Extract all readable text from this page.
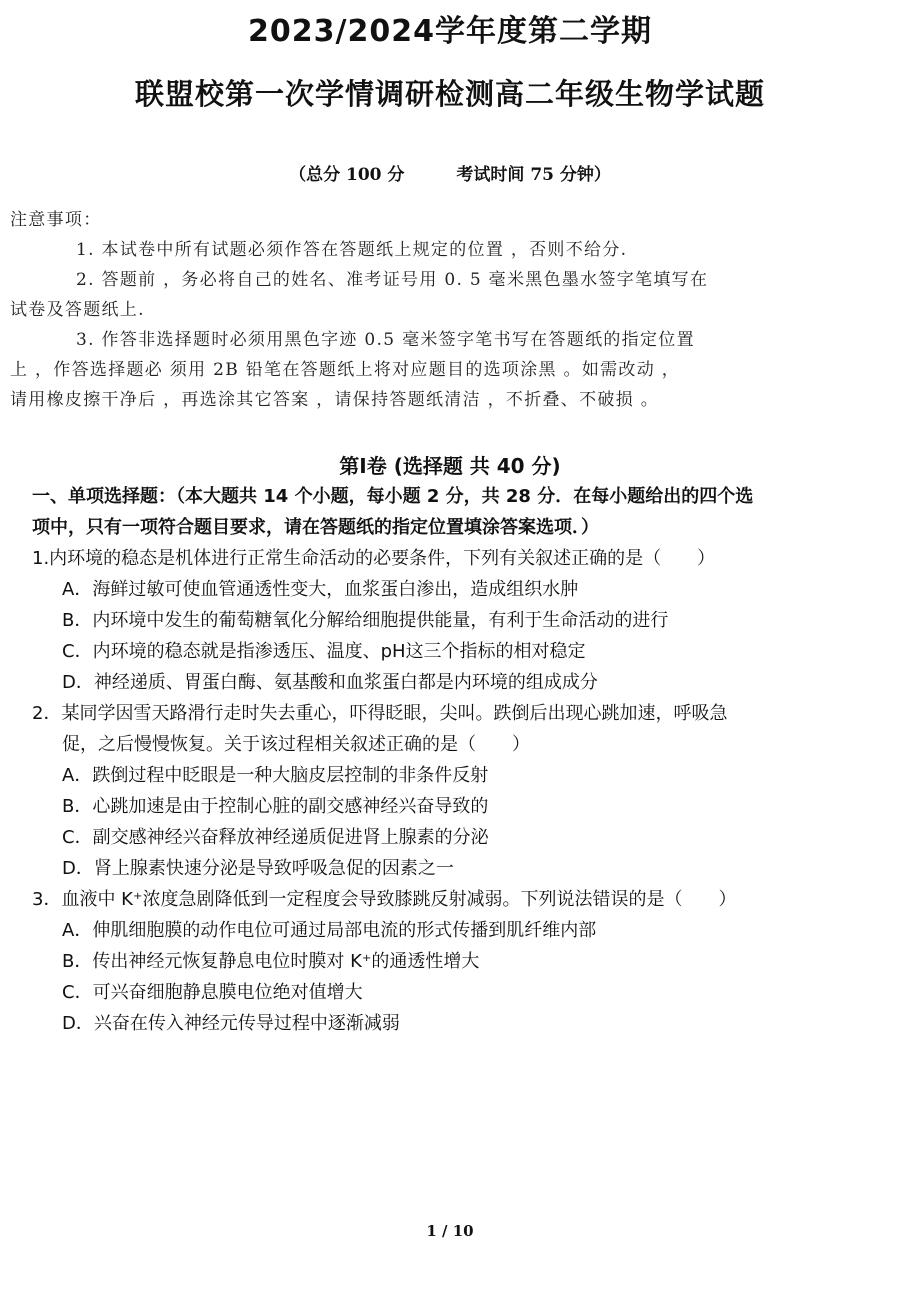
2023/2024学年度第二学期
联盟校第一次学情调研检测高二年级生物学试题
（总分 100 分	考试时间 75 分钟）

注意事项：

1. 本试卷中所有试题必须作答在答题纸上规定的位置 ，否则不给分.

2. 答题前 ，务必将自己的姓名、准考证号用 0. 5 毫米黑色墨水签字笔填写在

试卷及答题纸上.

3. 作答非选择题时必须用黑色字迹 0.5 毫米签字笔书写在答题纸的指定位置

上 ，作答选择题必 须用 2B 铅笔在答题纸上将对应题目的选项涂黑 。如需改动 ，

请用橡皮擦干净后 ，再选涂其它答案 ，请保持答题纸清洁 ，不折叠、不破损 。

第Ⅰ卷 (选择题 共 40 分)

一、单项选择题：（本大题共 14 个小题，每小题 2 分，共 28 分．在每小题给出的四个选

项中，只有一项符合题目要求，请在答题纸的指定位置填涂答案选项．）

1.内环境的稳态是机体进行正常生命活动的必要条件，下列有关叙述正确的是（　　）

A．海鲜过敏可使血管通透性变大，血浆蛋白渗出，造成组织水肿

B．内环境中发生的葡萄糖氧化分解给细胞提供能量，有利于生命活动的进行

C．内环境的稳态就是指渗透压、温度、pH这三个指标的相对稳定

D．神经递质、胃蛋白酶、氨基酸和血浆蛋白都是内环境的组成成分

2．某同学因雪天路滑行走时失去重心，吓得眨眼，尖叫。跌倒后出现心跳加速，呼吸急

促，之后慢慢恢复。关于该过程相关叙述正确的是（　　）

A．跌倒过程中眨眼是一种大脑皮层控制的非条件反射

B．心跳加速是由于控制心脏的副交感神经兴奋导致的

C．副交感神经兴奋释放神经递质促进肾上腺素的分泌

D．肾上腺素快速分泌是导致呼吸急促的因素之一

3．血液中 K⁺浓度急剧降低到一定程度会导致膝跳反射减弱。下列说法错误的是（　　）

A．伸肌细胞膜的动作电位可通过局部电流的形式传播到肌纤维内部

B．传出神经元恢复静息电位时膜对 K⁺的通透性增大

C．可兴奋细胞静息膜电位绝对值增大

D．兴奋在传入神经元传导过程中逐渐减弱

1 / 10
